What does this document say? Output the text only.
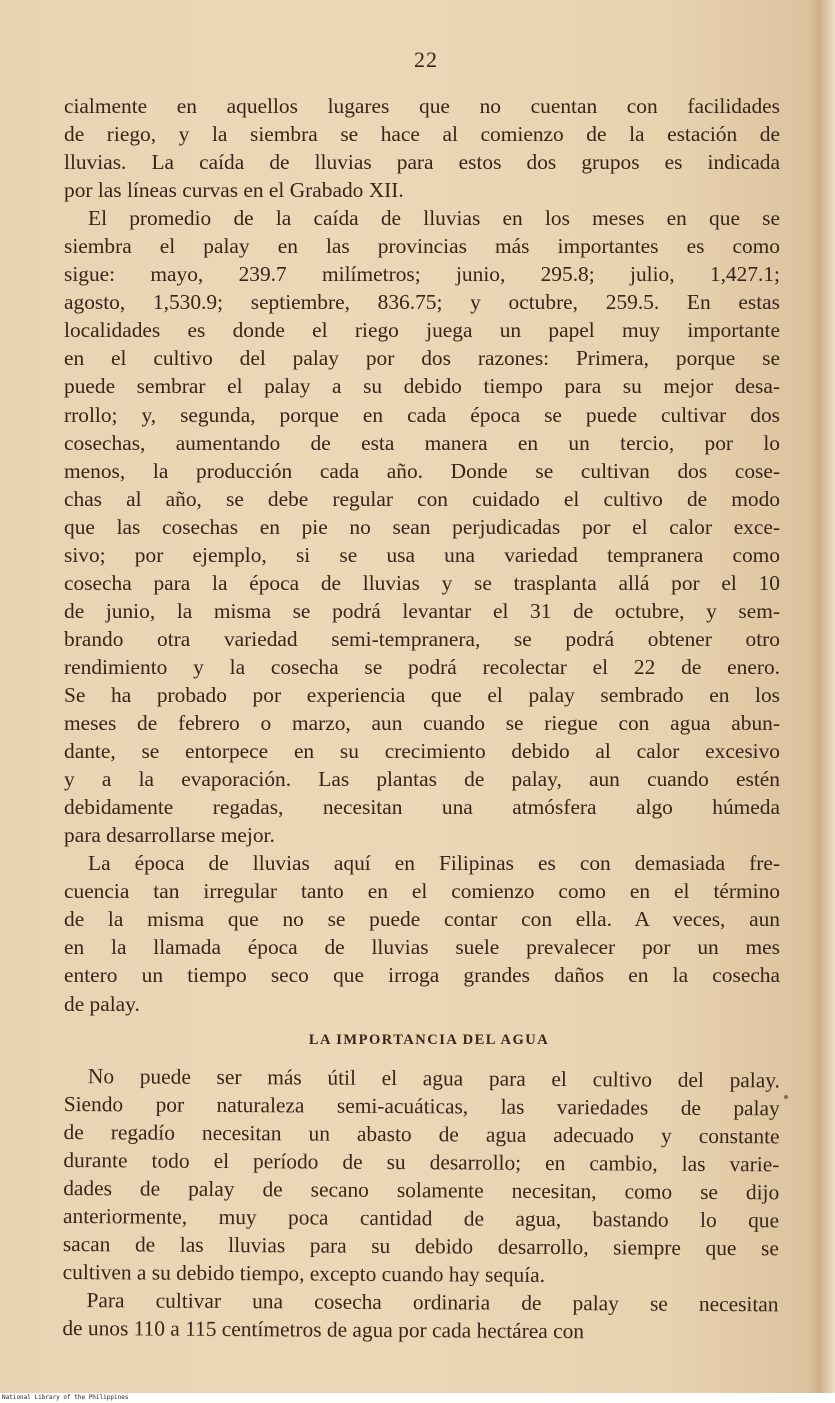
22
cialmente en aquellos lugares que no cuentan con facilidades
de riego, y la siembra se hace al comienzo de la estación de
lluvias. La caída de lluvias para estos dos grupos es indicada
por las líneas curvas en el Grabado XII.
El promedio de la caída de lluvias en los meses en que se
siembra el palay en las provincias más importantes es como
sigue: mayo, 239.7 milímetros; junio, 295.8; julio, 1,427.1;
agosto, 1,530.9; septiembre, 836.75; y octubre, 259.5. En estas
localidades es donde el riego juega un papel muy importante
en el cultivo del palay por dos razones: Primera, porque se
puede sembrar el palay a su debido tiempo para su mejor desa-
rrollo; y, segunda, porque en cada época se puede cultivar dos
cosechas, aumentando de esta manera en un tercio, por lo
menos, la producción cada año. Donde se cultivan dos cose-
chas al año, se debe regular con cuidado el cultivo de modo
que las cosechas en pie no sean perjudicadas por el calor exce-
sivo; por ejemplo, si se usa una variedad tempranera como
cosecha para la época de lluvias y se trasplanta allá por el 10
de junio, la misma se podrá levantar el 31 de octubre, y sem-
brando otra variedad semi-tempranera, se podrá obtener otro
rendimiento y la cosecha se podrá recolectar el 22 de enero.
Se ha probado por experiencia que el palay sembrado en los
meses de febrero o marzo, aun cuando se riegue con agua abun-
dante, se entorpece en su crecimiento debido al calor excesivo
y a la evaporación. Las plantas de palay, aun cuando estén
debidamente regadas, necesitan una atmósfera algo húmeda
para desarrollarse mejor.
La época de lluvias aquí en Filipinas es con demasiada fre-
cuencia tan irregular tanto en el comienzo como en el término
de la misma que no se puede contar con ella. A veces, aun
en la llamada época de lluvias suele prevalecer por un mes
entero un tiempo seco que irroga grandes daños en la cosecha
de palay.
LA IMPORTANCIA DEL AGUA
No puede ser más útil el agua para el cultivo del palay.
Siendo por naturaleza semi-acuáticas, las variedades de palay
de regadío necesitan un abasto de agua adecuado y constante
durante todo el período de su desarrollo; en cambio, las varie-
dades de palay de secano solamente necesitan, como se dijo
anteriormente, muy poca cantidad de agua, bastando lo que
sacan de las lluvias para su debido desarrollo, siempre que se
cultiven a su debido tiempo, excepto cuando hay sequía.
Para cultivar una cosecha ordinaria de palay se necesitan
de unos 110 a 115 centímetros de agua por cada hectárea con
National Library of the Philippines
